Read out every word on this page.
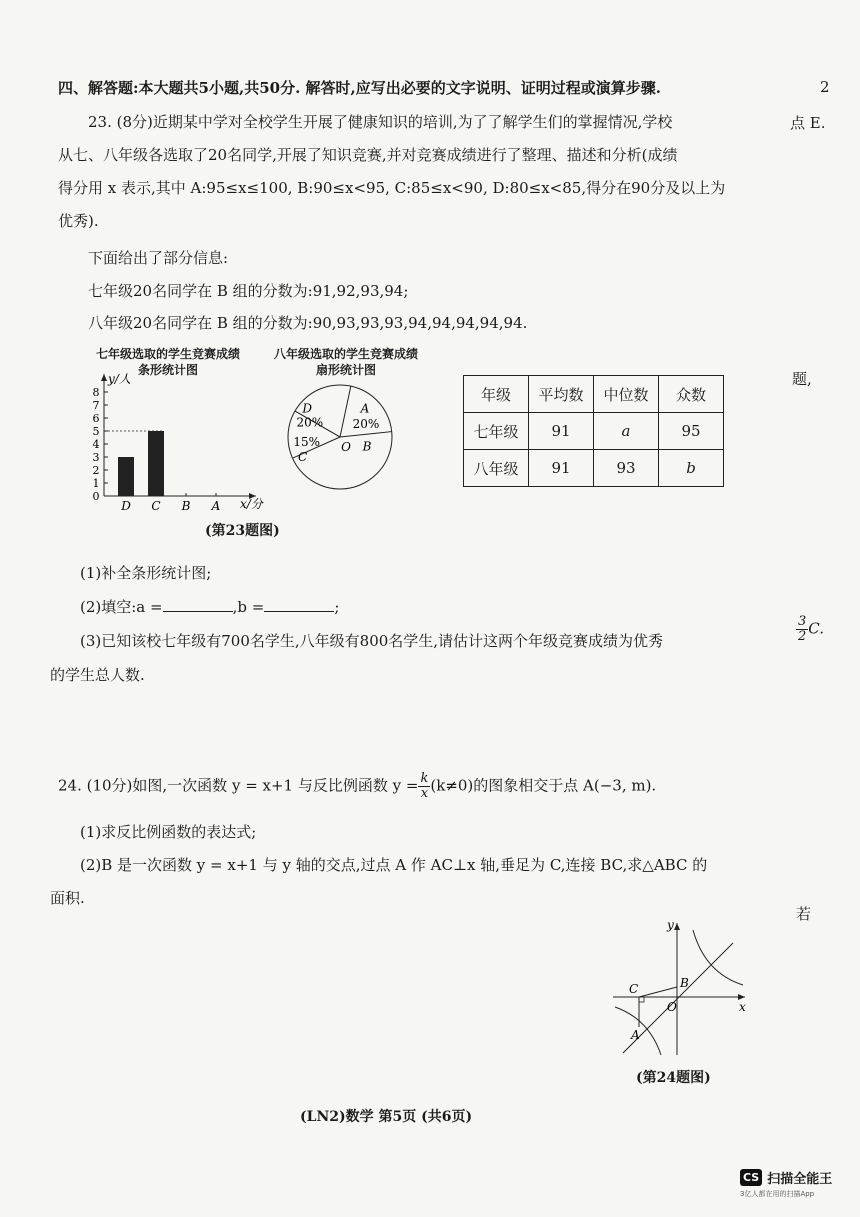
四、解答题:本大题共5小题,共50分. 解答时,应写出必要的文字说明、证明过程或演算步骤.
23. (8分)近期某中学对全校学生开展了健康知识的培训,为了了解学生们的掌握情况,学校
从七、八年级各选取了20名同学,开展了知识竞赛,并对竞赛成绩进行了整理、描述和分析(成绩
得分用 x 表示,其中 A:95≤x≤100, B:90≤x<95, C:85≤x<90, D:80≤x<85,得分在90分及以上为
优秀).
下面给出了部分信息:
七年级20名同学在 B 组的分数为:91,92,93,94;
八年级20名同学在 B 组的分数为:90,93,93,93,94,94,94,94,94.
七年级选取的学生竞赛成绩
条形统计图
八年级选取的学生竞赛成绩
扇形统计图
0
1
2
3
4
5
6
7
8
y/人
x/分
D C B A
A
20%
B
C
15%
D
20%
O
年级	平均数	中位数	众数
七年级	91	a	95
八年级	91	93	b
(第23题图)
(1)补全条形统计图;
(2)填空:a =	,b =	;
(3)已知该校七年级有700名学生,八年级有800名学生,请估计这两个年级竞赛成绩为优秀
的学生总人数.
24. (10分)如图,一次函数 y = x+1 与反比例函数 $y = \frac{k}{x} (k\ne 0)$的图象相交于点 A(−3, m).
(1)求反比例函数的表达式;
(2)B 是一次函数 y = x+1 与 y 轴的交点,过点 A 作 AC⊥x 轴,垂足为 C,连接 BC,求△ABC 的
面积.
y
x
C	B
O
A
(第24题图)
(LN2)数学 第5页 (共6页)
2
点 E.
题,
$\frac{3}{2} C$.
若
CS 扫描全能王
3亿人都在用的扫描App
